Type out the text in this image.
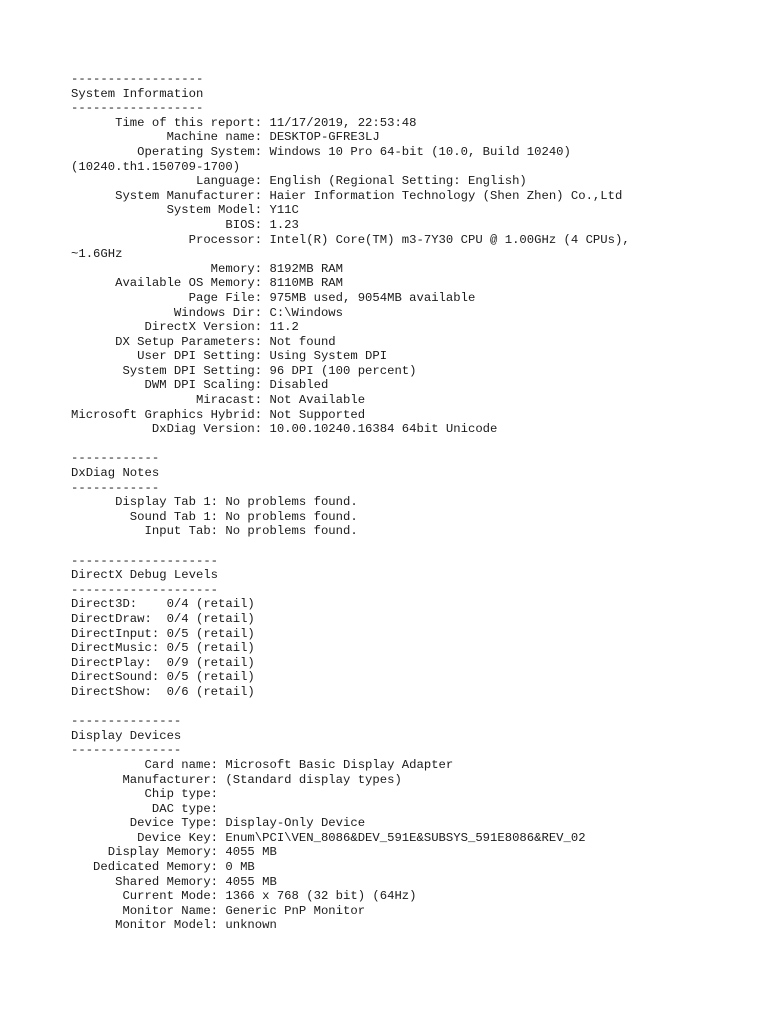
------------------
System Information
------------------
Time of this report: 11/17/2019, 22:53:48
Machine name: DESKTOP-GFRE3LJ
Operating System: Windows 10 Pro 64-bit (10.0, Build 10240)
(10240.th1.150709-1700)
Language: English (Regional Setting: English)
System Manufacturer: Haier Information Technology (Shen Zhen) Co.,Ltd
System Model: Y11C
BIOS: 1.23
Processor: Intel(R) Core(TM) m3-7Y30 CPU @ 1.00GHz (4 CPUs),
~1.6GHz
Memory: 8192MB RAM
Available OS Memory: 8110MB RAM
Page File: 975MB used, 9054MB available
Windows Dir: C:\Windows
DirectX Version: 11.2
DX Setup Parameters: Not found
User DPI Setting: Using System DPI
System DPI Setting: 96 DPI (100 percent)
DWM DPI Scaling: Disabled
Miracast: Not Available
Microsoft Graphics Hybrid: Not Supported
DxDiag Version: 10.00.10240.16384 64bit Unicode
------------
DxDiag Notes
------------
Display Tab 1: No problems found.
Sound Tab 1: No problems found.
Input Tab: No problems found.
--------------------
DirectX Debug Levels
--------------------
Direct3D:    0/4 (retail)
DirectDraw:  0/4 (retail)
DirectInput: 0/5 (retail)
DirectMusic: 0/5 (retail)
DirectPlay:  0/9 (retail)
DirectSound: 0/5 (retail)
DirectShow:  0/6 (retail)
---------------
Display Devices
---------------
Card name: Microsoft Basic Display Adapter
Manufacturer: (Standard display types)
Chip type:
DAC type:
Device Type: Display-Only Device
Device Key: Enum\PCI\VEN_8086&DEV_591E&SUBSYS_591E8086&REV_02
Display Memory: 4055 MB
Dedicated Memory: 0 MB
Shared Memory: 4055 MB
Current Mode: 1366 x 768 (32 bit) (64Hz)
Monitor Name: Generic PnP Monitor
Monitor Model: unknown
